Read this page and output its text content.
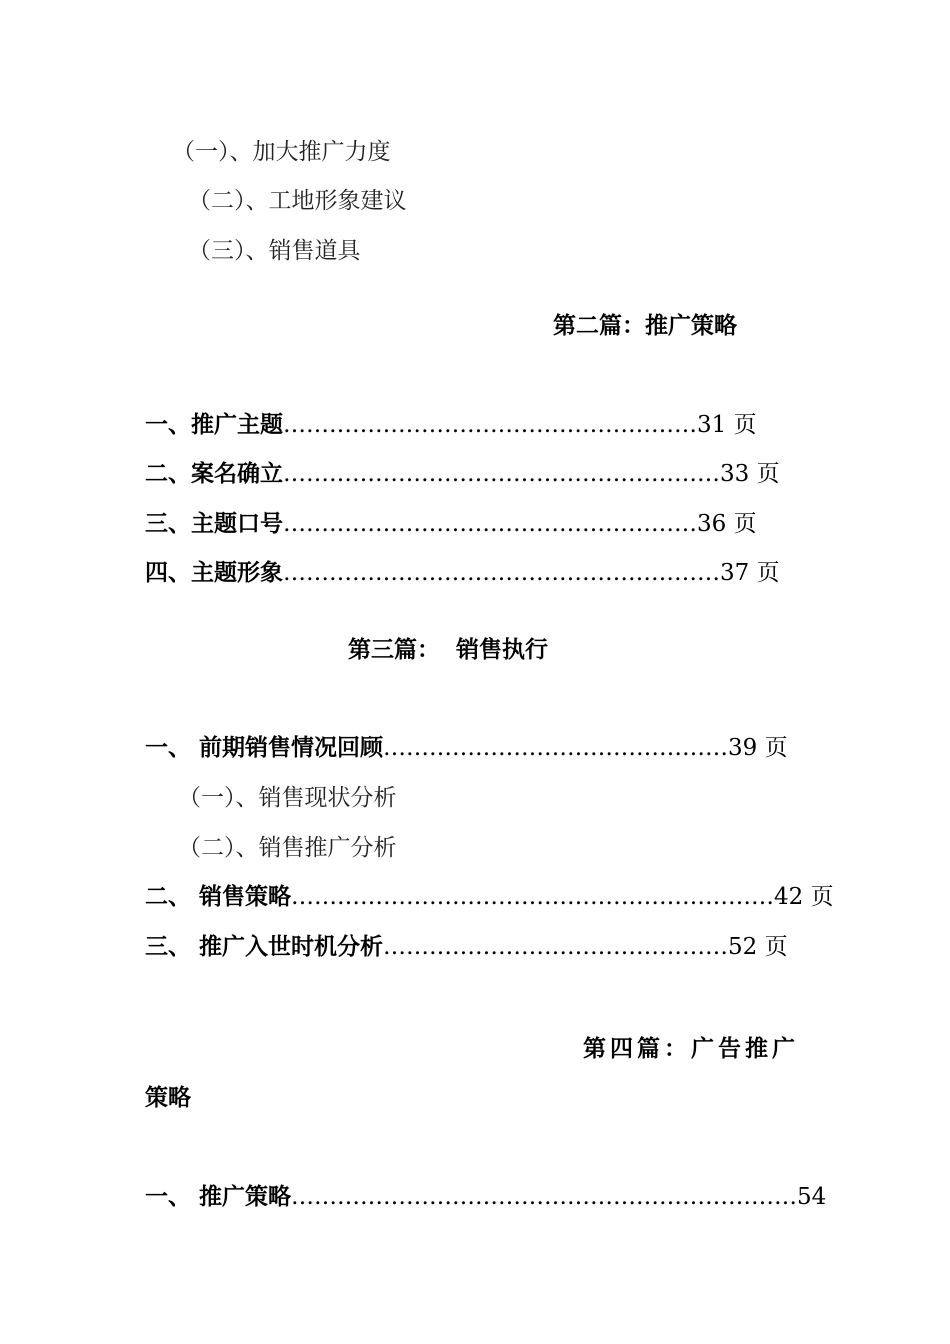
（一）、加大推广力度
（二）、工地形象建议
（三）、销售道具
第二篇：推广策略
一、推广主题………………………………………………31 页
二、案名确立…………………………………………………33 页
三、主题口号………………………………………………36 页
四、主题形象…………………………………………………37 页
第三篇：  销售执行
一、 前期销售情况回顾………………………………………39 页
（一）、销售现状分析
（二）、销售推广分析
二、 销售策略………………………………………………………42 页
三、 推广入世时机分析………………………………………52 页
第四篇：广告推广
策略
一、 推广策略…………………………………………………………54
